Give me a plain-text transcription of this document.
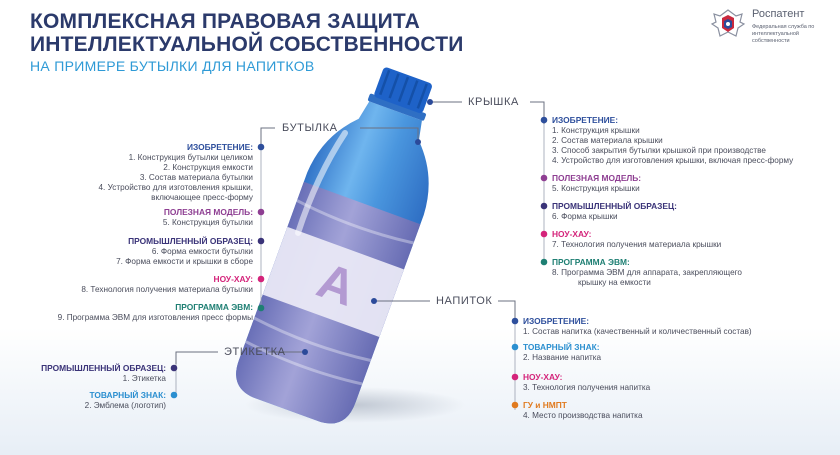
КОМПЛЕКСНАЯ ПРАВОВАЯ ЗАЩИТА
ИНТЕЛЛЕКТУАЛЬНОЙ СОБСТВЕННОСТИ
НА ПРИМЕРЕ БУТЫЛКИ ДЛЯ НАПИТКОВ
Роспатент
Федеральная служба по интеллектуальной собственности
А
БУТЫЛКА
КРЫШКА
НАПИТОК
ЭТИКЕТКА
ИЗОБРЕТЕНИЕ:
1. Конструкция бутылки целиком
2. Конструкция емкости
3. Состав материала бутылки
4. Устройство для изготовления крышки,
включающее пресс-форму
ПОЛЕЗНАЯ МОДЕЛЬ:
5. Конструкция бутылки
ПРОМЫШЛЕННЫЙ ОБРАЗЕЦ:
6. Форма емкости бутылки
7. Форма емкости и крышки в сборе
НОУ-ХАУ:
8. Технология получения материала бутылки
ПРОГРАММА ЭВМ:
9. Программа ЭВМ для изготовления пресс формы
ИЗОБРЕТЕНИЕ:
1. Конструкция крышки
2. Состав материала крышки
3. Способ закрытия бутылки крышкой при производстве
4. Устройство для изготовления крышки, включая пресс-форму
ПОЛЕЗНАЯ МОДЕЛЬ:
5. Конструкция крышки
ПРОМЫШЛЕННЫЙ ОБРАЗЕЦ:
6. Форма крышки
НОУ-ХАУ:
7. Технология получения материала крышки
ПРОГРАММА ЭВМ:
8. Программа ЭВМ для аппарата, закрепляющего
крышку на емкости
ИЗОБРЕТЕНИЕ:
1. Состав напитка (качественный и количественный состав)
ТОВАРНЫЙ ЗНАК:
2. Название напитка
НОУ-ХАУ:
3. Технология получения напитка
ГУ и НМПТ
4. Место производства напитка
ПРОМЫШЛЕННЫЙ ОБРАЗЕЦ:
1. Этикетка
ТОВАРНЫЙ ЗНАК:
2. Эмблема (логотип)
